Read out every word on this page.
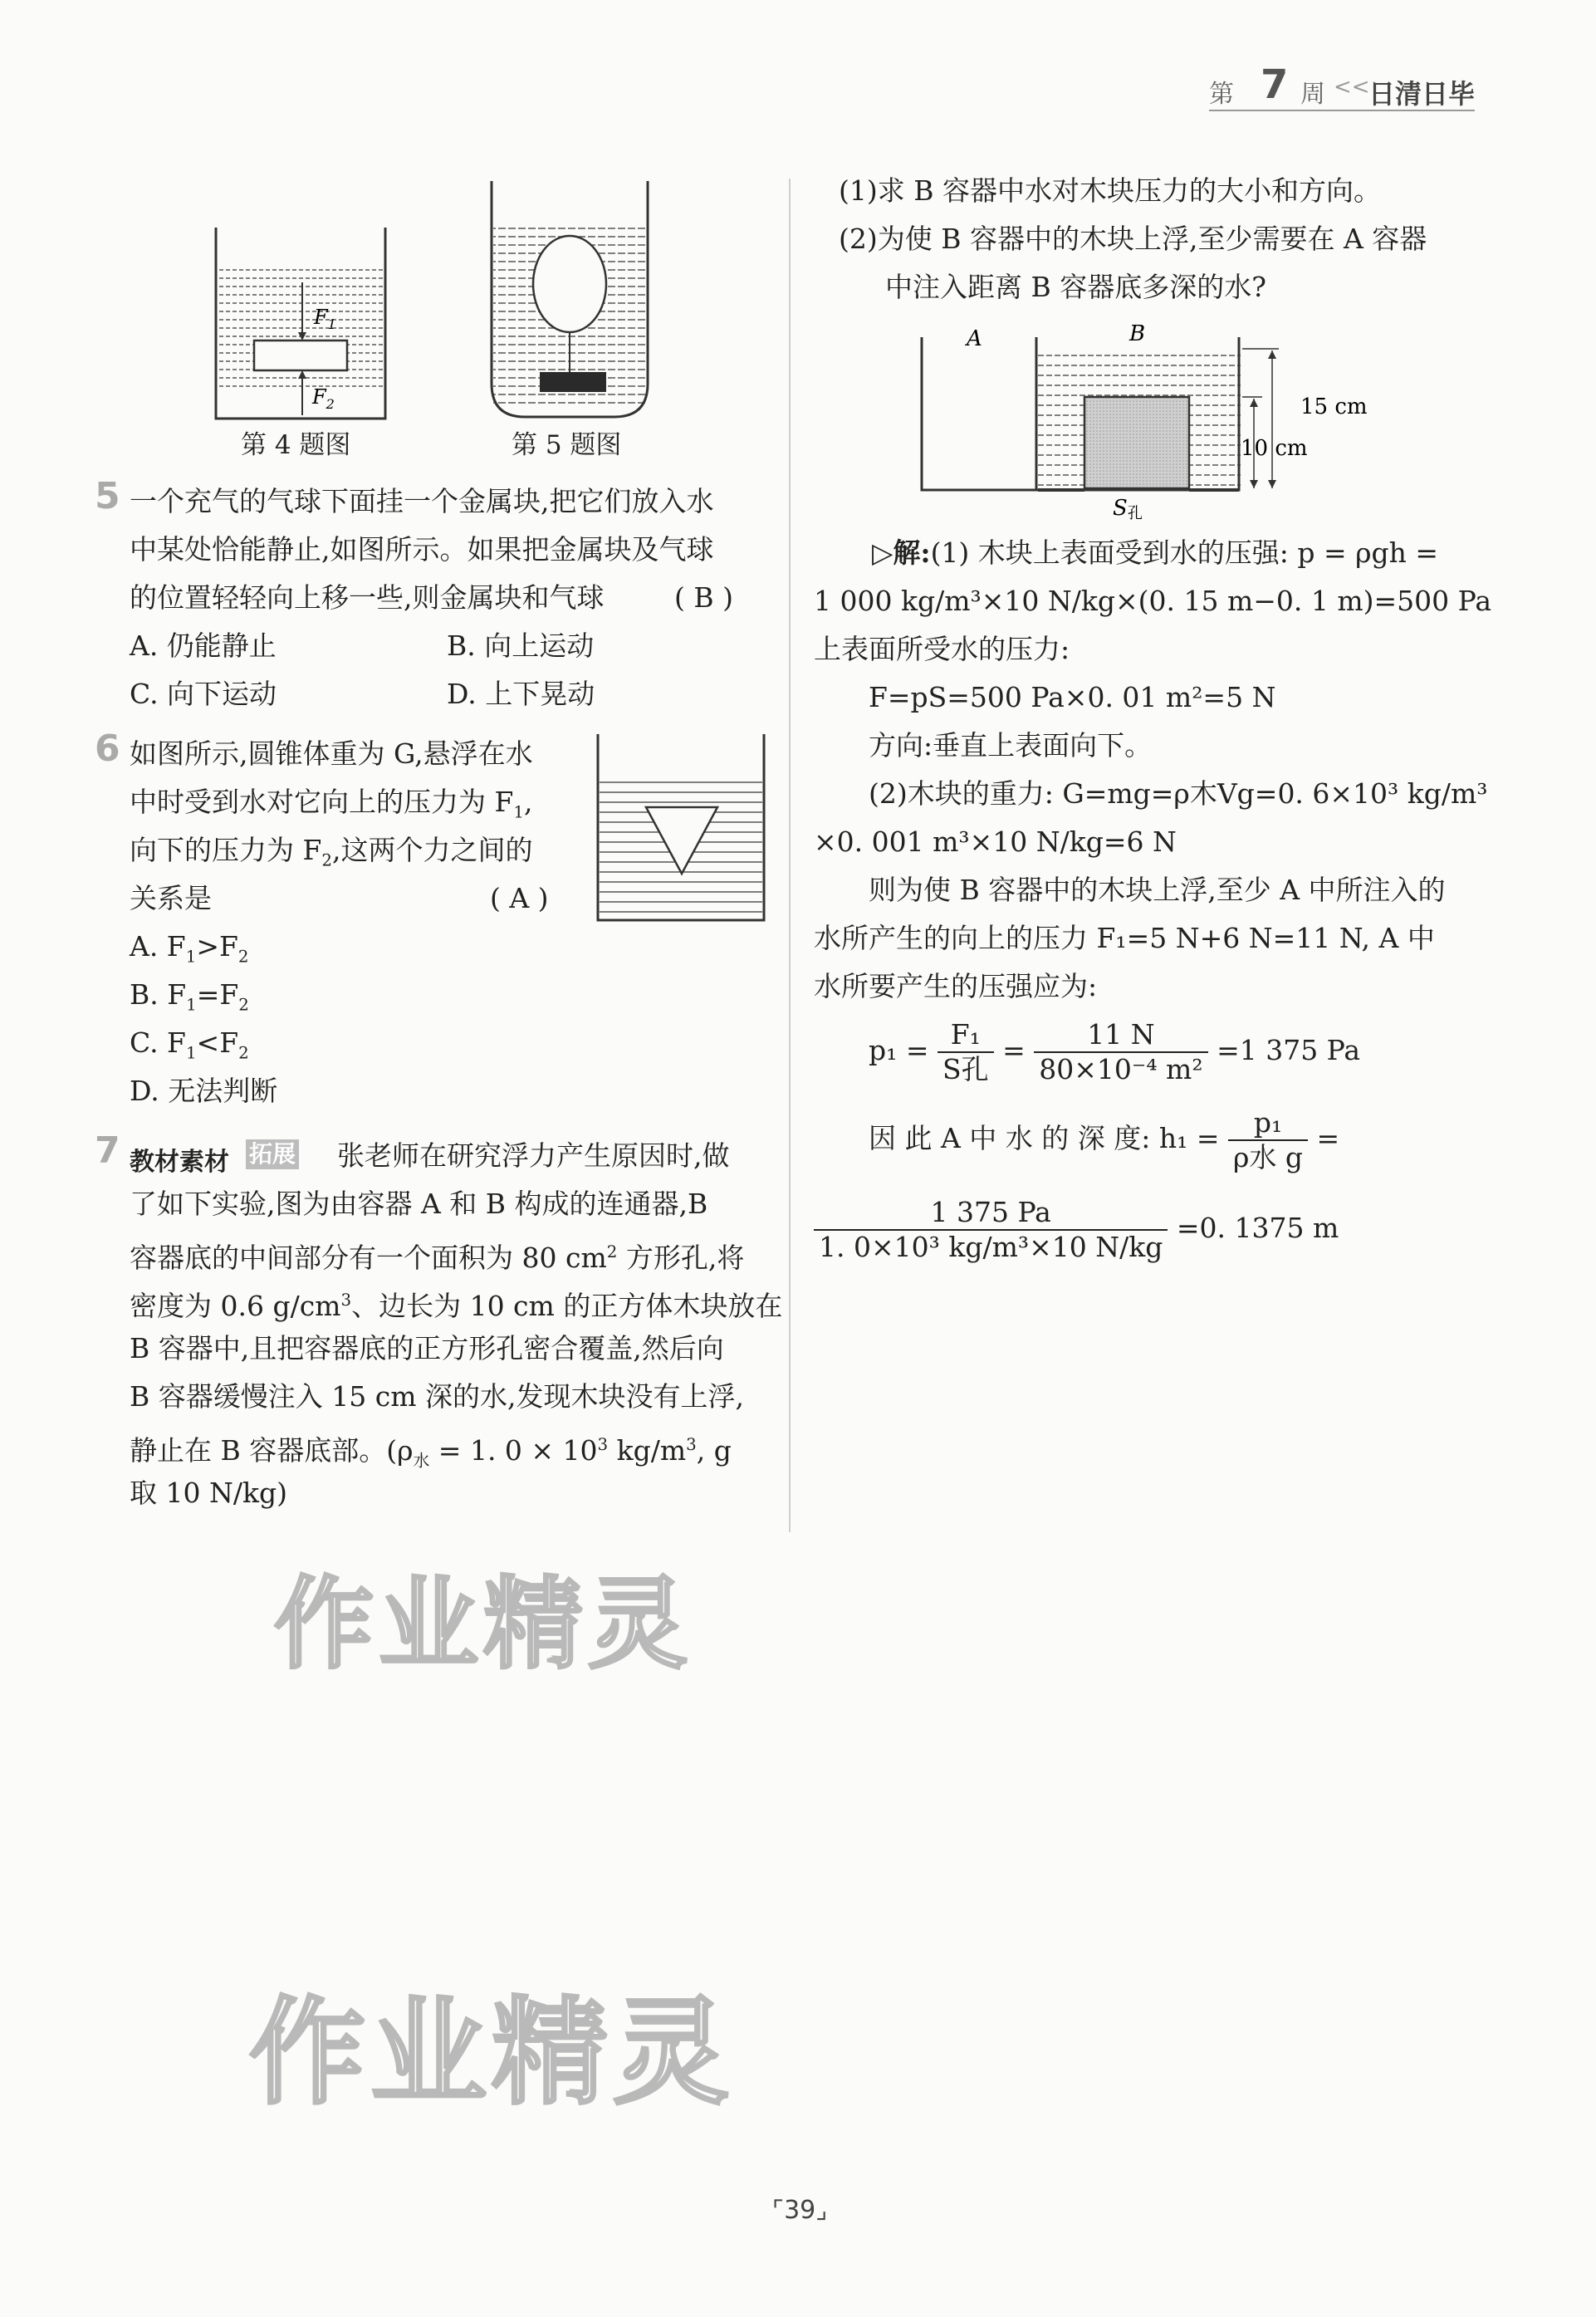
第 7 周 <<
日清日毕
$F_1$
$F_2$
第 4 题图	第 5 题图
5 一个充气的气球下面挂一个金属块,把它们放入水
中某处恰能静止,如图所示。如果把金属块及气球
的位置轻轻向上移一些,则金属块和气球	( B )
A. 仍能静止	B. 向上运动
C. 向下运动	D. 上下晃动
6 如图所示,圆锥体重为 G,悬浮在水
中时受到水对它向上的压力为 $F_1$,
向下的压力为 $F_2$,这两个力之间的
关系是	( A )
A. $F_1>F_2$
B. $F_1=F_2$
C. $F_1<F_2$
D. 无法判断
7 教材素材 拓展 张老师在研究浮力产生原因时,做
了如下实验,图为由容器 A 和 B 构成的连通器,B
容器底的中间部分有一个面积为 80 $cm^2$ 方形孔,将
密度为 0.6 $g/cm^3$、边长为 10 cm 的正方体木块放在
B 容器中,且把容器底的正方形孔密合覆盖,然后向
B 容器缓慢注入 15 cm 深的水,发现木块没有上浮,
静止在 B 容器底部。($\rho_水 = 1$. $0 \times 10^3$ $kg/m^3$, g
取 10 N/kg)
(1)求 B 容器中水对木块压力的大小和方向。
(2)为使 B 容器中的木块上浮,至少需要在 A 容器
中注入距离 B 容器底多深的水?
A	B
15 cm
10 cm
S孔
▷解:(1) 木块上表面受到水的压强: p = ρgh =
1 000 kg/m³×10 N/kg×(0. 15 m−0. 1 m)=500 Pa
上表面所受水的压力:
F=pS=500 Pa×0. 01 m²=5 N
方向:垂直上表面向下。
(2)木块的重力: G=mg=ρ木Vg=0. 6×10³ kg/m³
×0. 001 m³×10 N/kg=6 N
则为使 B 容器中的木块上浮,至少 A 中所注入的
水所产生的向上的压力 F₁=5 N+6 N=11 N, A 中
水所要产生的压强应为:
$p_1 = \frac{\text{F₁}}{\text{S孔}} = \frac{11 N}{\text{80×10⁻⁴ m²}} =1$ 375 Pa
因 此 A 中 水 的 深 度: $h_1 = \frac{\text{p₁}}{\text{ρ水 g}}$ =
$\frac{1 375 Pa}{\text{1. 0×10³ kg/m³×10 N/kg}} =0$. 1375 m
作业精灵
作业精灵
⌜39⌟
